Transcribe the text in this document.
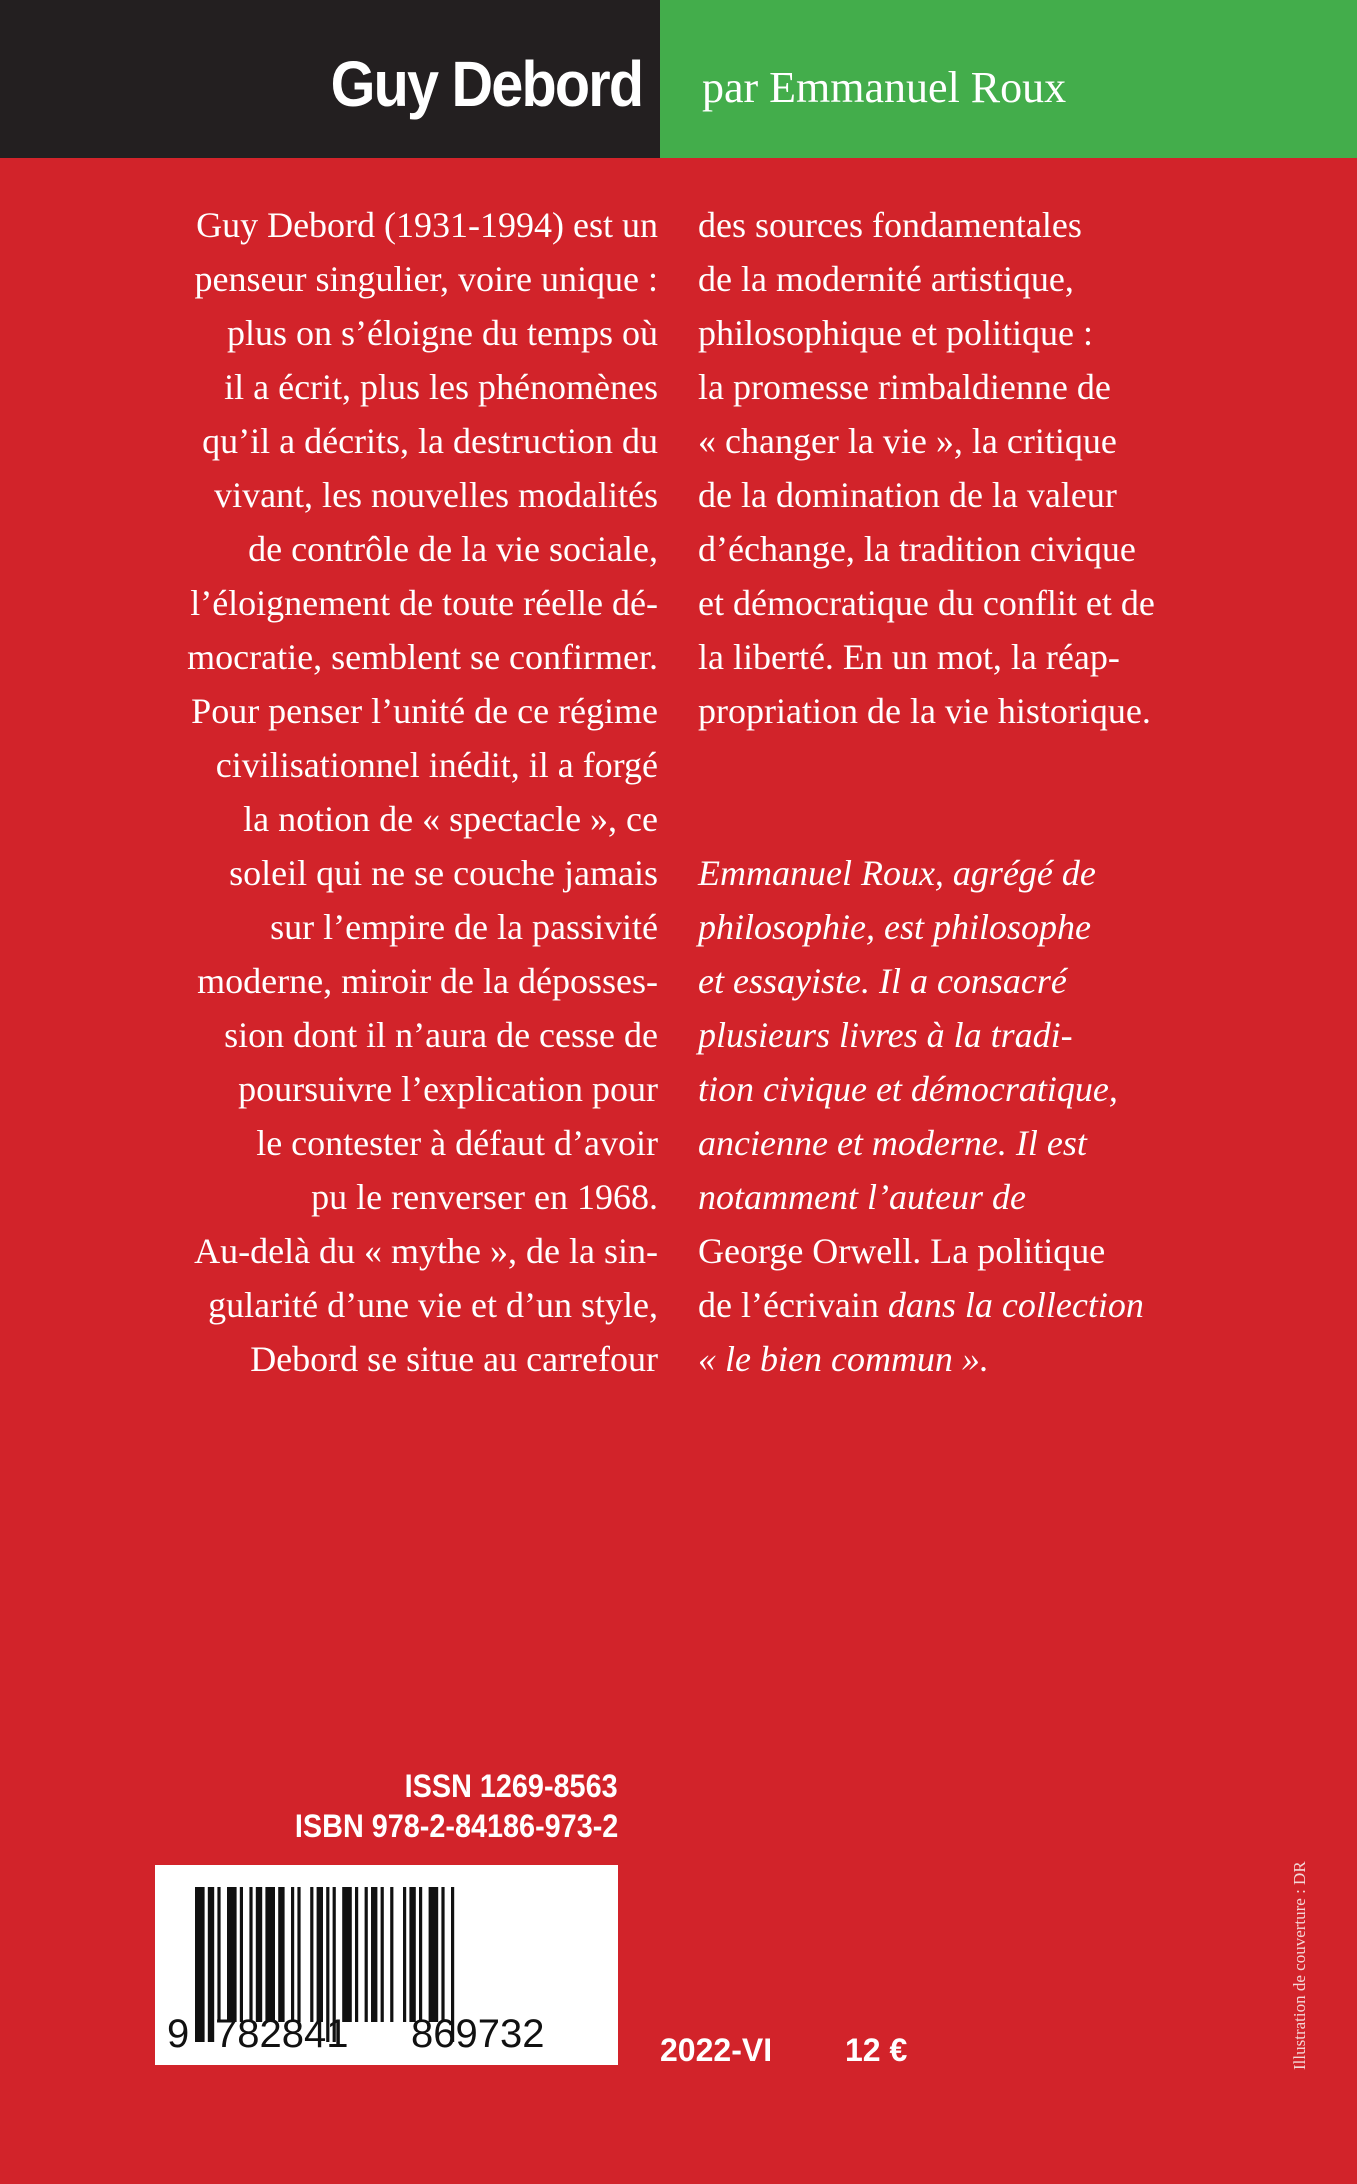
Guy Debord par Emmanuel Roux
Guy Debord (1931-1994) est un
penseur singulier, voire unique :
plus on s’éloigne du temps où
il a écrit, plus les phénomènes
qu’il a décrits, la destruction du
vivant, les nouvelles modalités
de contrôle de la vie sociale,
l’éloignement de toute réelle dé-
mocratie, semblent se confirmer.
Pour penser l’unité de ce régime
civilisationnel inédit, il a forgé
la notion de « spectacle », ce
soleil qui ne se couche jamais
sur l’empire de la passivité
moderne, miroir de la déposses-
sion dont il n’aura de cesse de
poursuivre l’explication pour
le contester à défaut d’avoir
pu le renverser en 1968.
Au-delà du « mythe », de la sin-
gularité d’une vie et d’un style,
Debord se situe au carrefour
des sources fondamentales
de la modernité artistique,
philosophique et politique :
la promesse rimbaldienne de
« changer la vie », la critique
de la domination de la valeur
d’échange, la tradition civique
et démocratique du conflit et de
la liberté. En un mot, la réap-
propriation de la vie historique.
Emmanuel Roux, agrégé de
philosophie, est philosophe
et essayiste. Il a consacré
plusieurs livres à la tradi-
tion civique et démocratique,
ancienne et moderne. Il est
notamment l’auteur de
George Orwell. La politique
de l’écrivain dans la collection
« le bien commun ».
ISSN 1269-8563
ISBN 978-2-84186-973-2
9 782841 869732	2022-VI 12 €	Illustration de couverture : DR
